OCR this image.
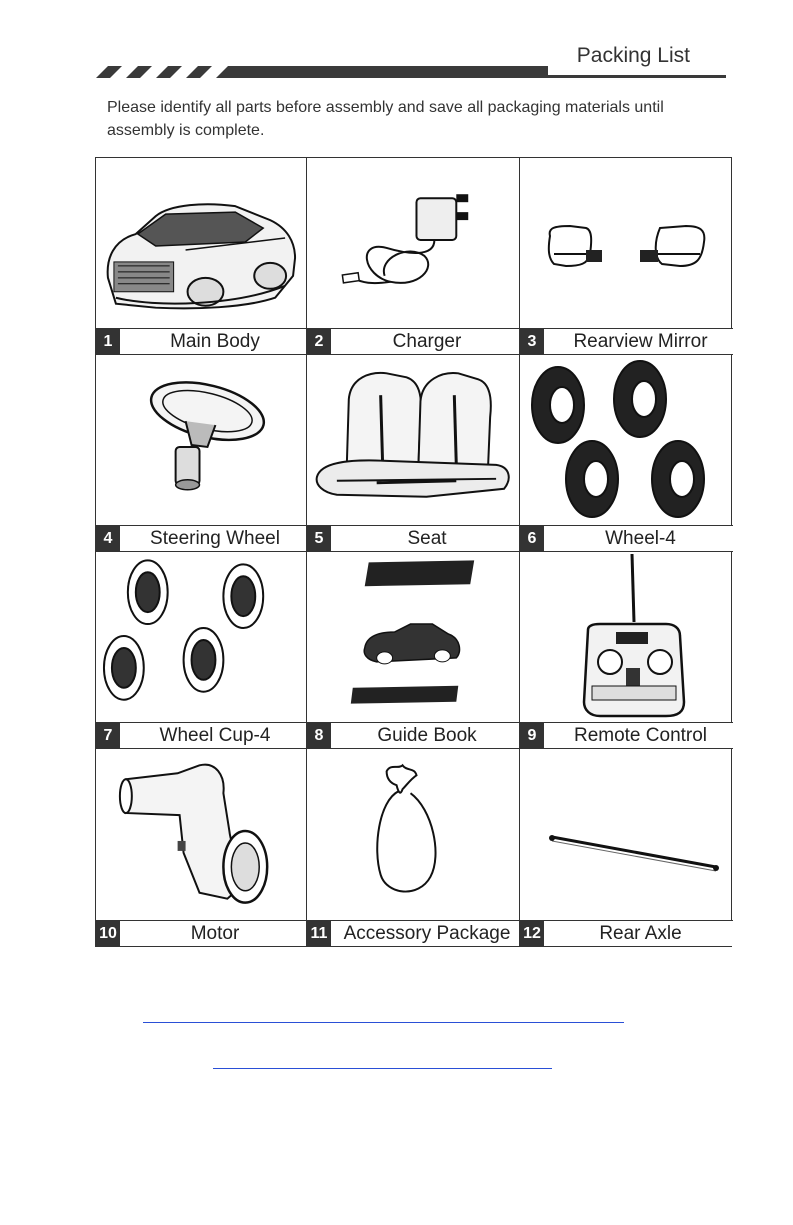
Packing List
Please identify all parts before assembly and save all packaging materials until assembly is complete.
1	Main Body	2	Charger	3	Rearview Mirror
4	Steering Wheel	5	Seat	6	Wheel-4
7	Wheel Cup-4	8	Guide Book	9	Remote Control
10	Motor	11 Accessory Package 12	Rear Axle
